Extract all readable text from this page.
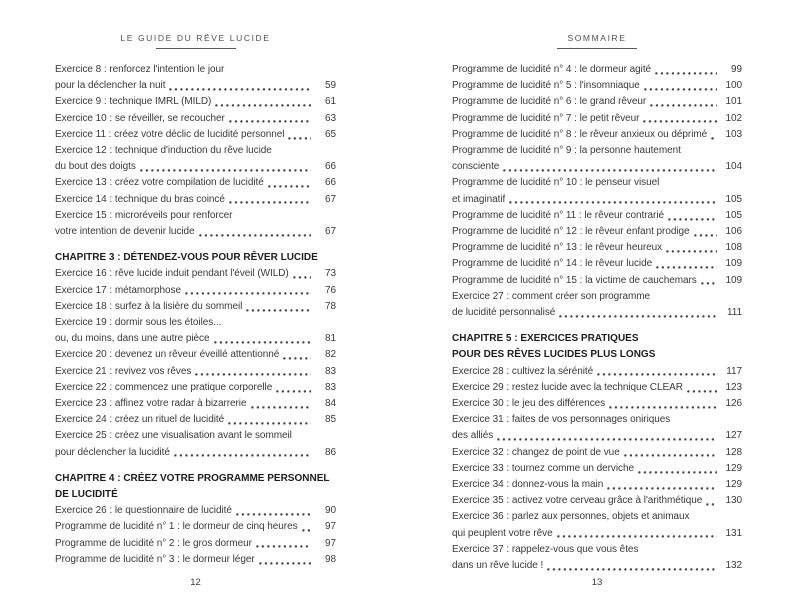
LE GUIDE DU RÊVE LUCIDE
Exercice 8 : renforcez l'intention le jour
pour la déclencher la nuit	59
Exercice 9 : technique IMRL (MILD)	61
Exercice 10 : se réveiller, se recoucher	63
Exercice 11 : créez votre déclic de lucidité personnel	65
Exercice 12 : technique d'induction du rêve lucide
du bout des doigts	66
Exercice 13 : créez votre compilation de lucidité	66
Exercice 14 : technique du bras coincé	67
Exercice 15 : microréveils pour renforcer
votre intention de devenir lucide	67
CHAPITRE 3 : DÉTENDEZ-VOUS POUR RÊVER LUCIDE
Exercice 16 : rêve lucide induit pendant l'éveil (WILD)	73
Exercice 17 : métamorphose	76
Exercice 18 : surfez à la lisière du sommeil	78
Exercice 19 : dormir sous les étoiles...
ou, du moins, dans une autre pièce	81
Exercice 20 : devenez un rêveur éveillé attentionné	82
Exercice 21 : revivez vos rêves	83
Exercice 22 : commencez une pratique corporelle	83
Exercice 23 : affinez votre radar à bizarrerie	84
Exercice 24 : créez un rituel de lucidité	85
Exercice 25 : créez une visualisation avant le sommeil
pour déclencher la lucidité	86
CHAPITRE 4 : CRÉEZ VOTRE PROGRAMME PERSONNEL
DE LUCIDITÉ
Exercice 26 : le questionnaire de lucidité	90
Programme de lucidité n° 1 : le dormeur de cinq heures	97
Programme de lucidité n° 2 : le gros dormeur	97
Programme de lucidité n° 3 : le dormeur léger	98
12
SOMMAIRE
Programme de lucidité n° 4 : le dormeur agité	99
Programme de lucidité n° 5 : l'insomniaque	100
Programme de lucidité n° 6 : le grand rêveur	101
Programme de lucidité n° 7 : le petit rêveur	102
Programme de lucidité n° 8 : le rêveur anxieux ou déprimé	103
Programme de lucidité n° 9 : la personne hautement
consciente	104
Programme de lucidité n° 10 : le penseur visuel
et imaginatif	105
Programme de lucidité n° 11 : le rêveur contrarié	105
Programme de lucidité n° 12 : le rêveur enfant prodige	106
Programme de lucidité n° 13 : le rêveur heureux	108
Programme de lucidité n° 14 : le rêveur lucide	109
Programme de lucidité n° 15 : la victime de cauchemars	109
Exercice 27 : comment créer son programme
de lucidité personnalisé	111
CHAPITRE 5 : EXERCICES PRATIQUES
POUR DES RÊVES LUCIDES PLUS LONGS
Exercice 28 : cultivez la sérénité	117
Exercice 29 : restez lucide avec la technique CLEAR	123
Exercice 30 : le jeu des différences	126
Exercice 31 : faites de vos personnages oniriques
des alliés	127
Exercice 32 : changez de point de vue	128
Exercice 33 : tournez comme un derviche	129
Exercice 34 : donnez-vous la main	129
Exercice 35 : activez votre cerveau grâce à l'arithmétique	130
Exercice 36 : parlez aux personnes, objets et animaux
qui peuplent votre rêve	131
Exercice 37 : rappelez-vous que vous êtes
dans un rêve lucide !	132
13
